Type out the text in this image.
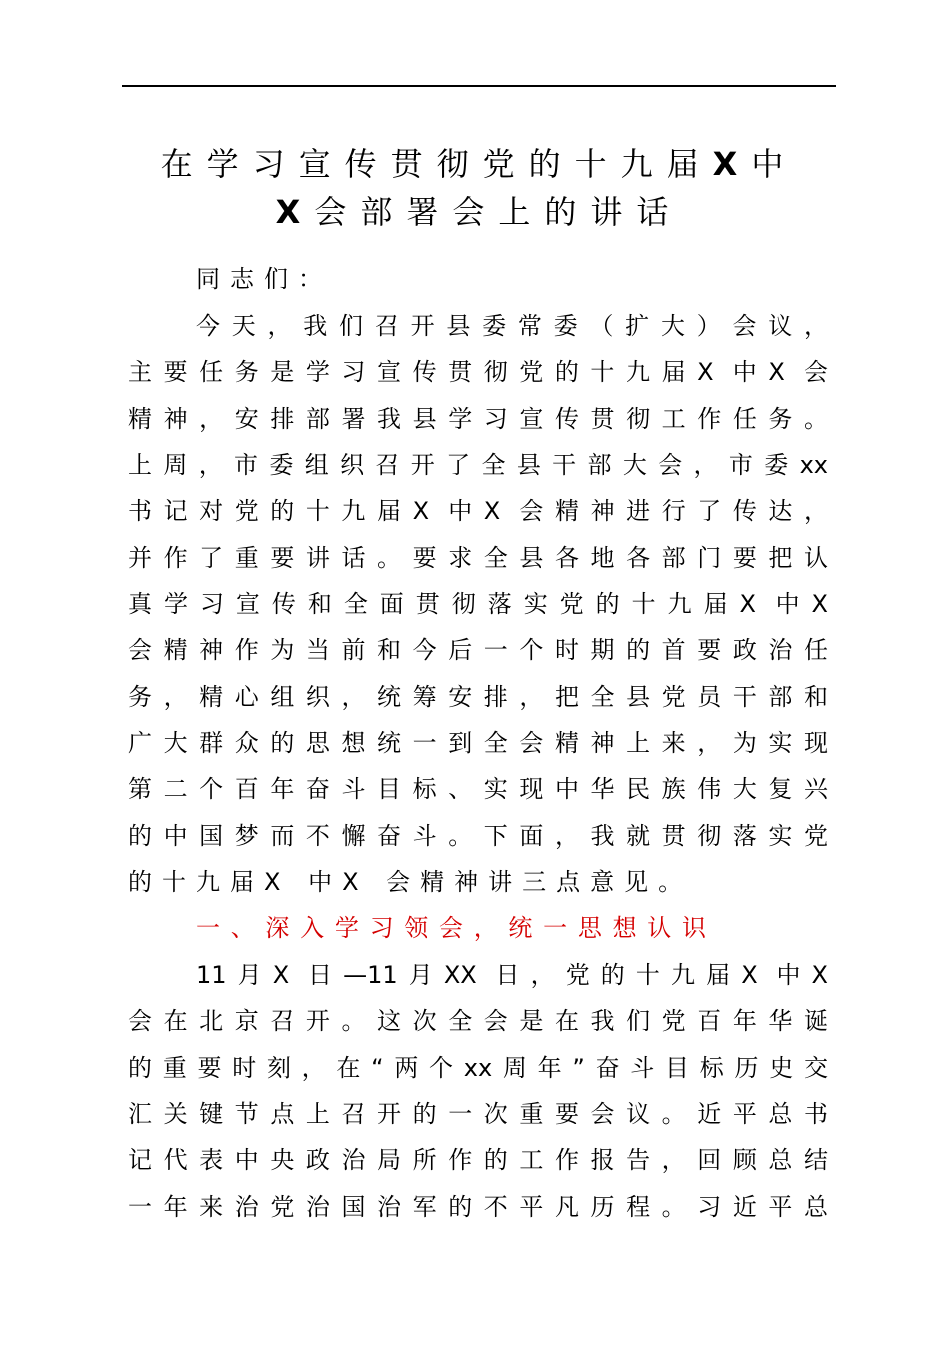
在学习宣传贯彻党的十九届X中
X会部署会上的讲话
同志们：
今天，我们召开县委常委（扩大）会议，
主要任务是学习宣传贯彻党的十九届X 中X 会
精神，安排部署我县学习宣传贯彻工作任务。
上周，市委组织召开了全县干部大会，市委xx
书记对党的十九届X 中X 会精神进行了传达，
并作了重要讲话。要求全县各地各部门要把认
真学习宣传和全面贯彻落实党的十九届X 中X
会精神作为当前和今后一个时期的首要政治任
务，精心组织，统筹安排，把全县党员干部和
广大群众的思想统一到全会精神上来，为实现
第二个百年奋斗目标、实现中华民族伟大复兴
的中国梦而不懈奋斗。下面，我就贯彻落实党
的十九届X 中X 会精神讲三点意见。
一、深入学习领会，统一思想认识
11月X 日—11月XX 日，党的十九届X 中X
会在北京召开。这次全会是在我们党百年华诞
的重要时刻，在“两个xx周年”奋斗目标历史交
汇关键节点上召开的一次重要会议。近平总书
记代表中央政治局所作的工作报告，回顾总结
一年来治党治国治军的不平凡历程。习近平总
